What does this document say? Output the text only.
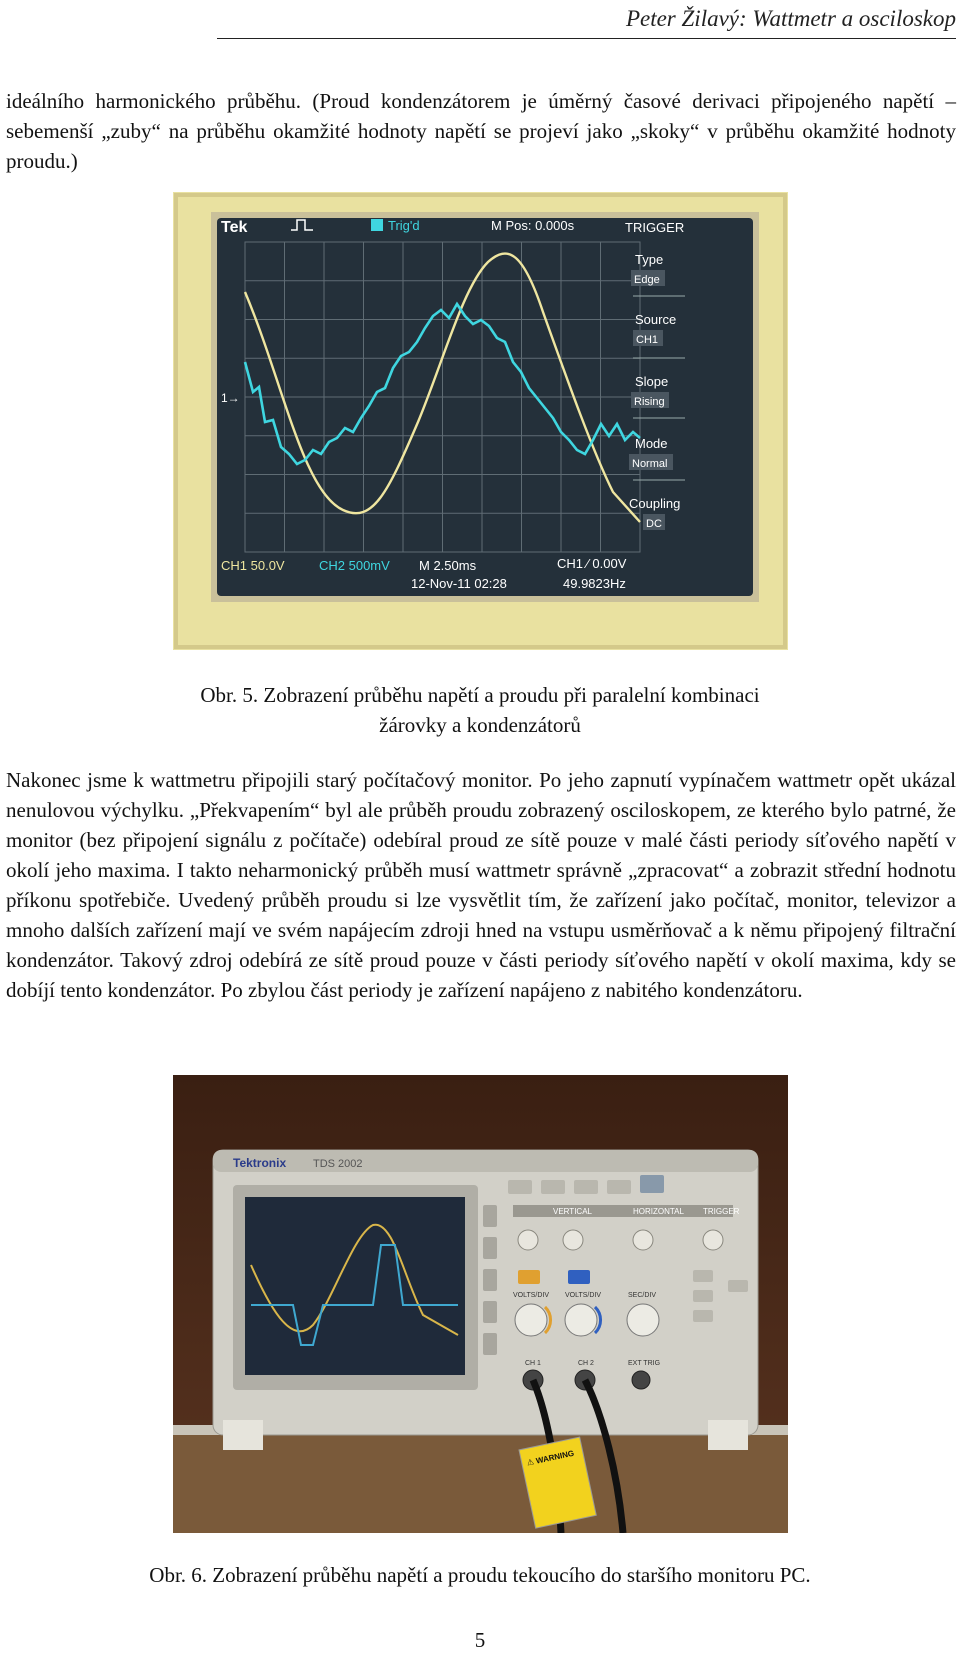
Peter Žilavý: Wattmetr a osciloskop

ideálního harmonického průběhu. (Proud kondenzátorem je úměrný časové derivaci připojeného napětí – sebemenší „zuby“ na průběhu okamžité hodnoty napětí se projeví jako „skoky“ v průběhu okamžité hodnoty proudu.)

Tek	Trig'd	M Pos: 0.000s	TRIGGER
1→
Type
Edge
Source
CH1
Slope
Rising
Mode
Normal
Coupling
DC
CH1 50.0V	CH2 500mV M 2.50ms
12-Nov-11 02:28
CH1 ⁄ 0.00V
49.9823Hz
Obr. 5. Zobrazení průběhu napětí a proudu při paralelní kombinaci
žárovky a kondenzátorů

Nakonec jsme k wattmetru připojili starý počítačový monitor. Po jeho zapnutí vypínačem wattmetr opět ukázal nenulovou výchylku. „Překvapením“ byl ale průběh proudu zobrazený osciloskopem, ze kterého bylo patrné, že monitor (bez připojení signálu z počítače) odebíral proud ze sítě pouze v malé části periody síťového napětí v okolí jeho maxima. I takto neharmonický průběh musí wattmetr správně „zpracovat“ a zobrazit střední hodnotu příkonu spotřebiče. Uvedený průběh proudu si lze vysvětlit tím, že zařízení jako počítač, monitor, televizor a mnoho dalších zařízení mají ve svém napájecím zdroji hned na vstupu usměrňovač a k němu připojený filtrační kondenzátor. Takový zdroj odebírá ze sítě proud pouze v části periody síťového napětí v okolí maxima, kdy se dobíjí tento kondenzátor. Po zbylou část periody je zařízení napájeno z nabitého kondenzátoru.

Tektronix TDS 2002
VERTICAL	HORIZONTAL TRIGGER
VOLTS/DIV VOLTS/DIV	SEC/DIV
CH 1	CH 2	EXT TRIG
⚠ WARNING
Obr. 6. Zobrazení průběhu napětí a proudu tekoucího do staršího monitoru PC.
5
